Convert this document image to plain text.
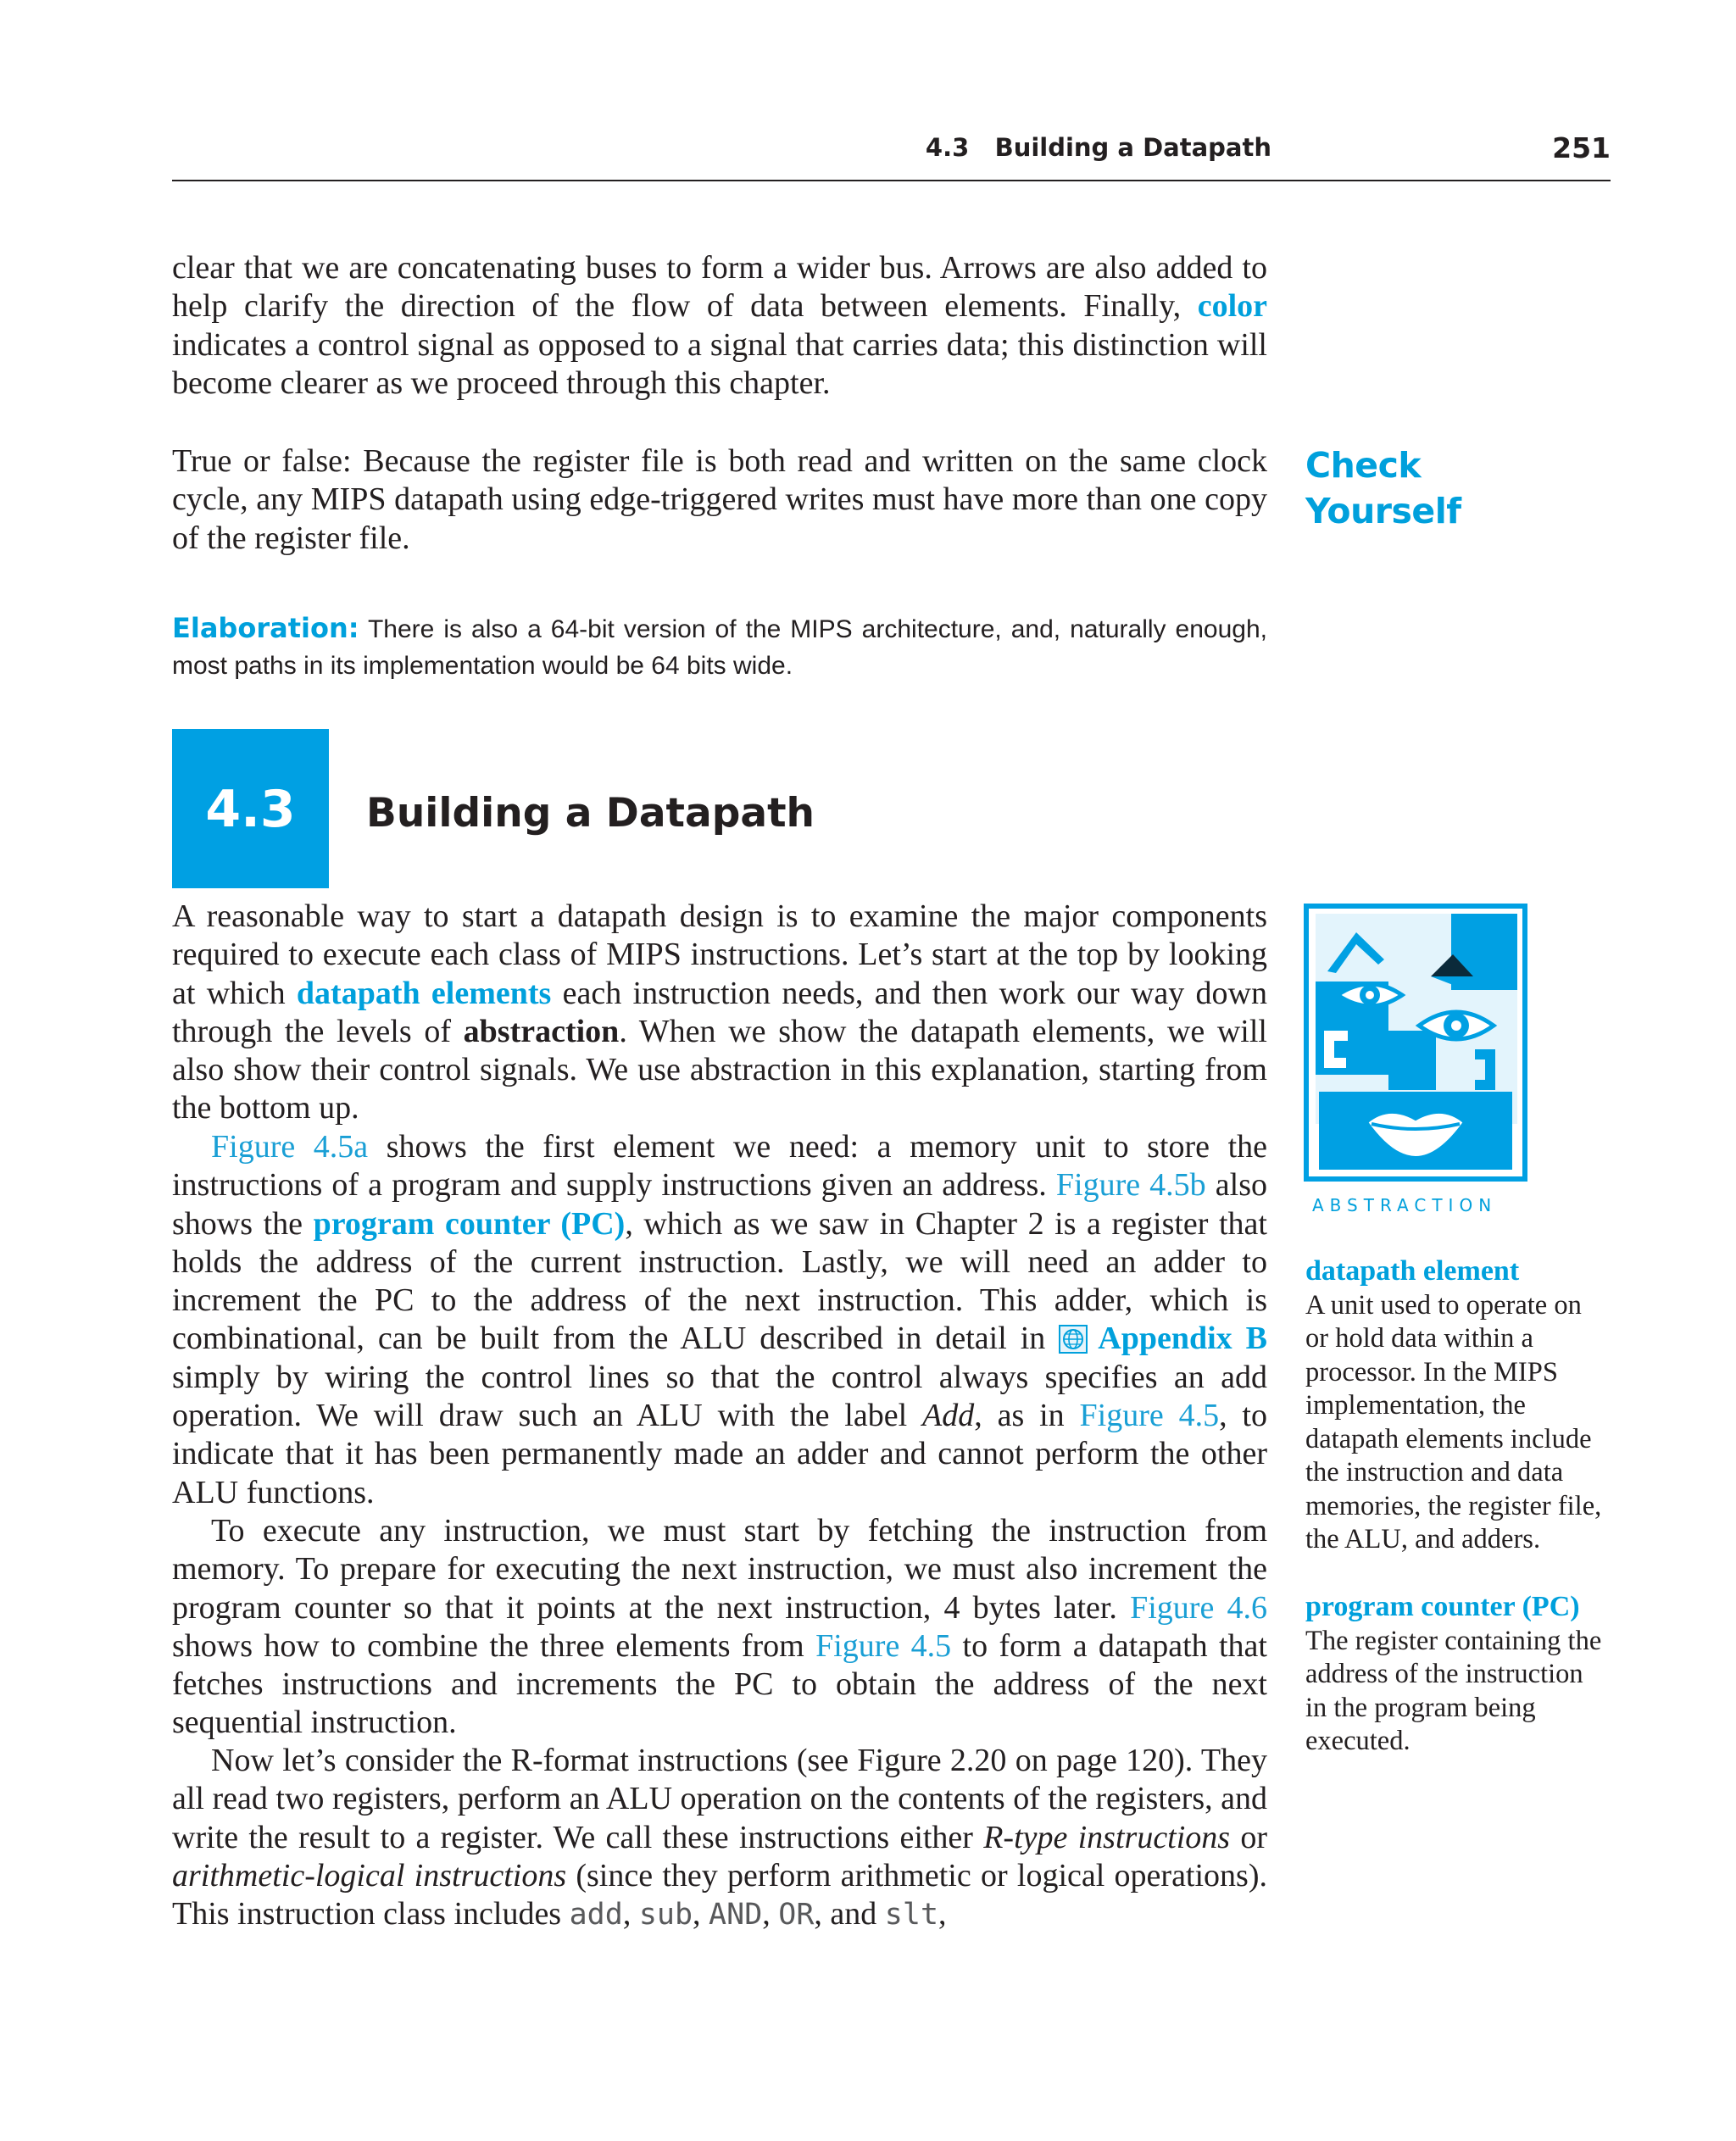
4.3   Building a Datapath	251

clear that we are concatenating buses to form a wider bus. Arrows are also added to help clarify the direction of the flow of data between elements. Finally, color indicates a control signal as opposed to a signal that carries data; this distinction will become clearer as we proceed through this chapter.

True or false: Because the register file is both read and written on the same clock cycle, any MIPS datapath using edge-triggered writes must have more than one copy of the register file.

Check
Yourself

Elaboration: There is also a 64-bit version of the MIPS architecture, and, naturally enough, most paths in its implementation would be 64 bits wide.

4.3	Building a Datapath

A reasonable way to start a datapath design is to examine the major components required to execute each class of MIPS instructions. Let’s start at the top by looking at which datapath elements each instruction needs, and then work our way down through the levels of abstraction. When we show the datapath elements, we will also show their control signals. We use abstraction in this explanation, starting from the bottom up.

Figure 4.5a shows the first element we need: a memory unit to store the instructions of a program and supply instructions given an address. Figure 4.5b also shows the program counter (PC), which as we saw in Chapter 2 is a register that holds the address of the current instruction. Lastly, we will need an adder to increment the PC to the address of the next instruction. This adder, which is combinational, can be built from the ALU described in detail in Appendix B simply by wiring the control lines so that the control always specifies an add operation. We will draw such an ALU with the label Add, as in Figure 4.5, to indicate that it has been permanently made an adder and cannot perform the other ALU functions.

To execute any instruction, we must start by fetching the instruction from memory. To prepare for executing the next instruction, we must also increment the program counter so that it points at the next instruction, 4 bytes later. Figure 4.6 shows how to combine the three elements from Figure 4.5 to form a datapath that fetches instructions and increments the PC to obtain the address of the next sequential instruction.

Now let’s consider the R-format instructions (see Figure 2.20 on page 120). They all read two registers, perform an ALU operation on the contents of the registers, and write the result to a register. We call these instructions either R-type instructions or arithmetic-logical instructions (since they perform arithmetic or logical operations). This instruction class includes add, sub, AND, OR, and slt,

ABSTRACTION

datapath element
A unit used to operate on or hold data within a processor. In the MIPS implementation, the datapath elements include the instruction and data memories, the register file, the ALU, and adders.

program counter (PC)  The register containing the address of the instruction in the program being executed.
